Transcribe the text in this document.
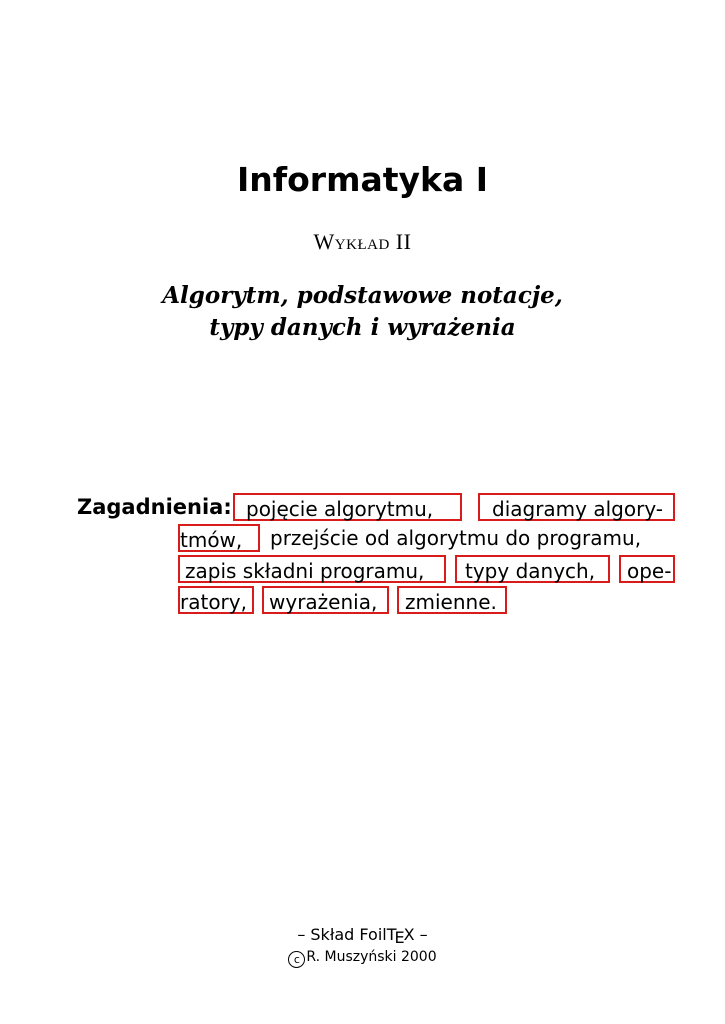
Informatyka I
Wykład II
Algorytm, podstawowe notacje,
typy danych i wyrażenia
Zagadnienia: pojęcie algorytmu,	diagramy algory-
tmów, przejście od algorytmu do programu,
zapis składni programu, typy danych, ope-
ratory, wyrażenia, zmienne.
– Skład FoilTEX –
c R. Muszyński 2000
